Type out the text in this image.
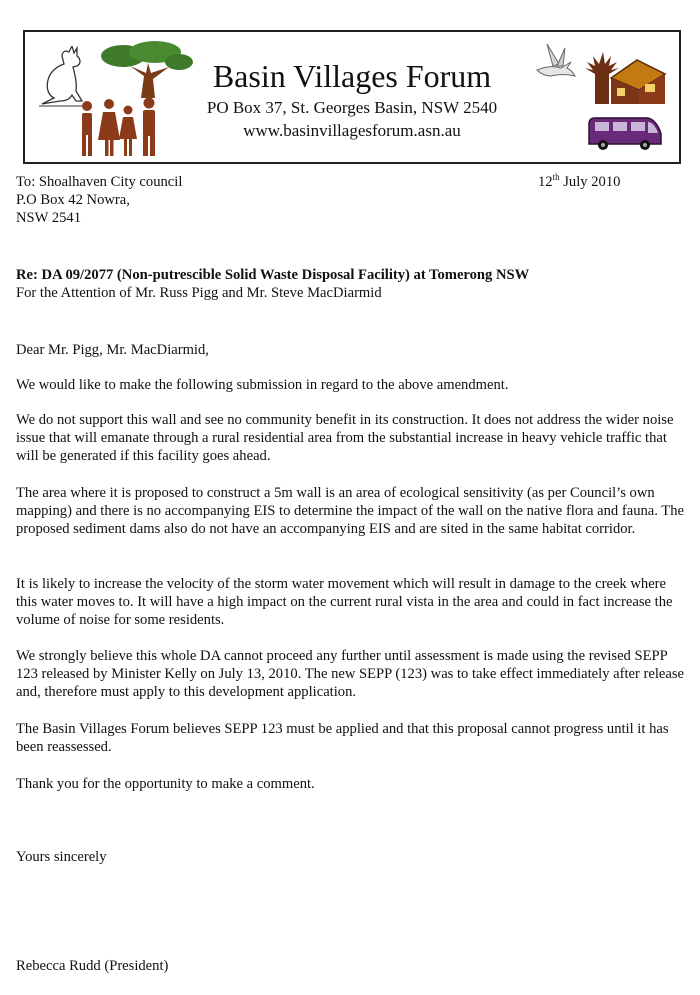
Basin Villages Forum
PO Box 37, St. Georges Basin, NSW 2540
www.basinvillagesforum.asn.au
To: Shoalhaven City council
P.O Box 42 Nowra,
NSW 2541
12th July 2010
Re: DA 09/2077 (Non-putrescible Solid Waste Disposal Facility) at Tomerong NSW
For the Attention of Mr. Russ Pigg and Mr. Steve MacDiarmid
Dear Mr. Pigg, Mr. MacDiarmid,

We would like to make the following submission in regard to the above amendment.

We do not support this wall and see no community benefit in its construction. It does not address the wider noise issue that will emanate through a rural residential area from the substantial increase in heavy vehicle traffic that will be generated if this facility goes ahead.

The area where it is proposed to construct a 5m wall is an area of ecological sensitivity (as per Council’s own mapping) and there is no accompanying EIS to determine the impact of the wall on the native flora and fauna. The proposed sediment dams also do not have an accompanying EIS and are sited in the same habitat corridor.

It is likely to increase the velocity of the storm water movement which will result in damage to the creek where this water moves to. It will have a high impact on the current rural vista in the area and could in fact increase the volume of noise for some residents.

We strongly believe this whole DA cannot proceed any further until assessment is made using the revised SEPP 123 released by Minister Kelly on July 13, 2010. The new SEPP (123) was to take effect immediately after release and, therefore must apply to this development application.

The Basin Villages Forum believes SEPP 123 must be applied and that this proposal cannot progress until it has been reassessed.

Thank you for the opportunity to make a comment.

Yours sincerely
Rebecca Rudd (President)
